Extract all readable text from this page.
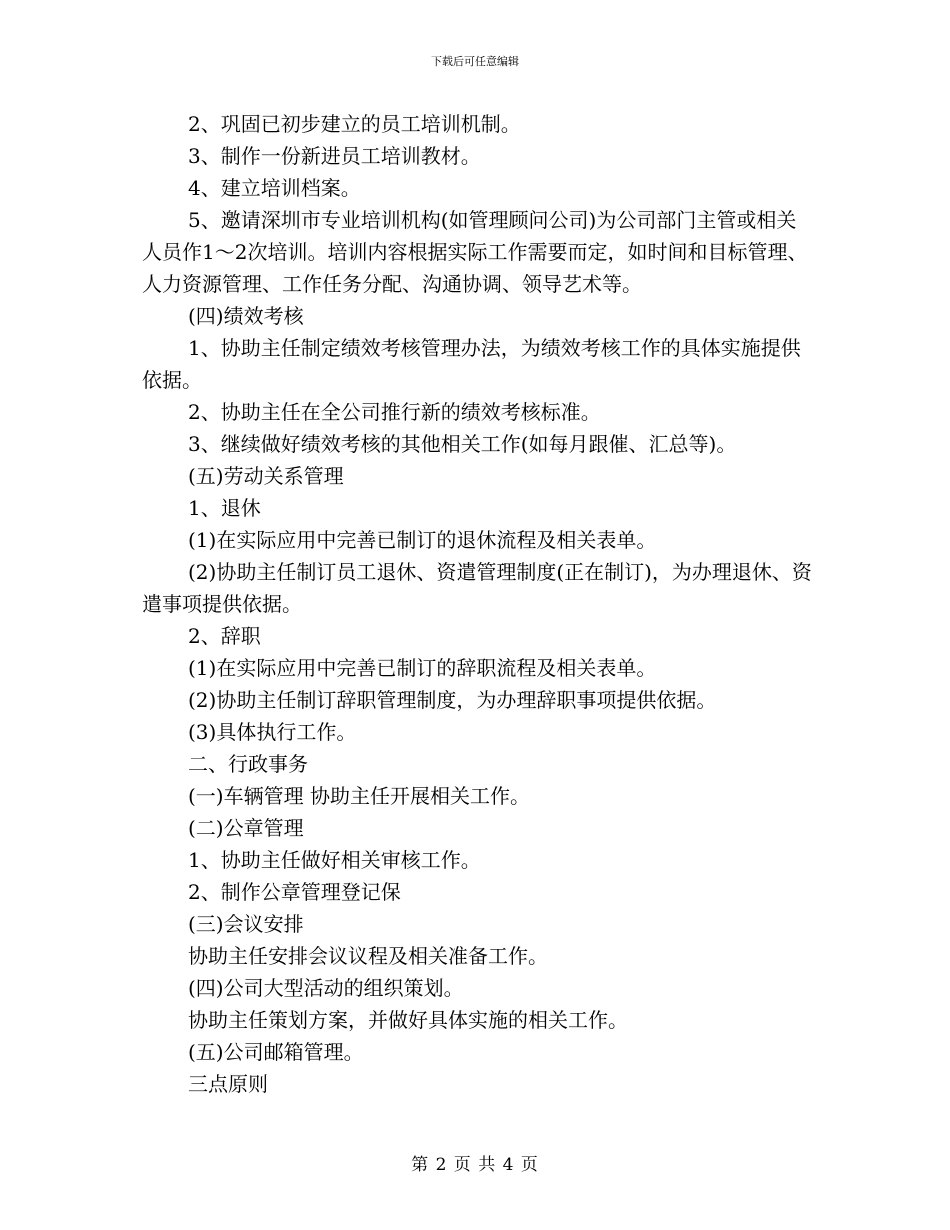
下载后可任意编辑

2、巩固已初步建立的员工培训机制。

3、制作一份新进员工培训教材。

4、建立培训档案。

5、邀请深圳市专业培训机构(如管理顾问公司)为公司部门主管或相关人员作1～2次培训。培训内容根据实际工作需要而定，如时间和目标管理、人力资源管理、工作任务分配、沟通协调、领导艺术等。

(四)绩效考核

1、协助主任制定绩效考核管理办法，为绩效考核工作的具体实施提供依据。

2、协助主任在全公司推行新的绩效考核标准。

3、继续做好绩效考核的其他相关工作(如每月跟催、汇总等)。

(五)劳动关系管理

1、退休

(1)在实际应用中完善已制订的退休流程及相关表单。

(2)协助主任制订员工退休、资遣管理制度(正在制订)，为办理退休、资遣事项提供依据。

2、辞职

(1)在实际应用中完善已制订的辞职流程及相关表单。

(2)协助主任制订辞职管理制度，为办理辞职事项提供依据。

(3)具体执行工作。

二、行政事务

(一)车辆管理 协助主任开展相关工作。

(二)公章管理

1、协助主任做好相关审核工作。

2、制作公章管理登记保

(三)会议安排

协助主任安排会议议程及相关准备工作。

(四)公司大型活动的组织策划。

协助主任策划方案，并做好具体实施的相关工作。

(五)公司邮箱管理。

三点原则

第 2 页 共 4 页
